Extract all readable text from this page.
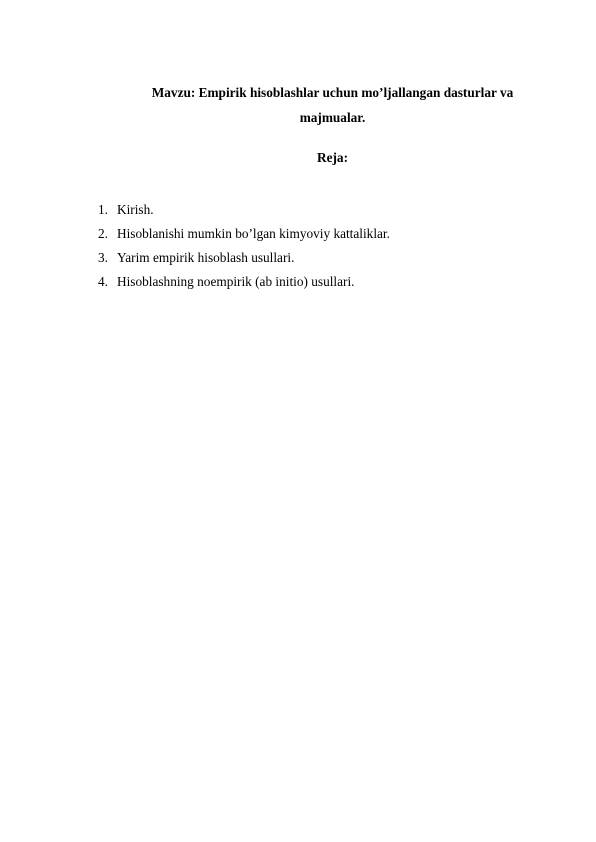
Mavzu: Empirik hisoblashlar uchun mo’ljallangan dasturlar va
majmualar.
Reja:
1. Kirish.
2. Hisoblanishi mumkin bo’lgan kimyoviy kattaliklar.
3. Yarim empirik hisoblash usullari.
4. Hisoblashning noempirik (ab initio) usullari.
